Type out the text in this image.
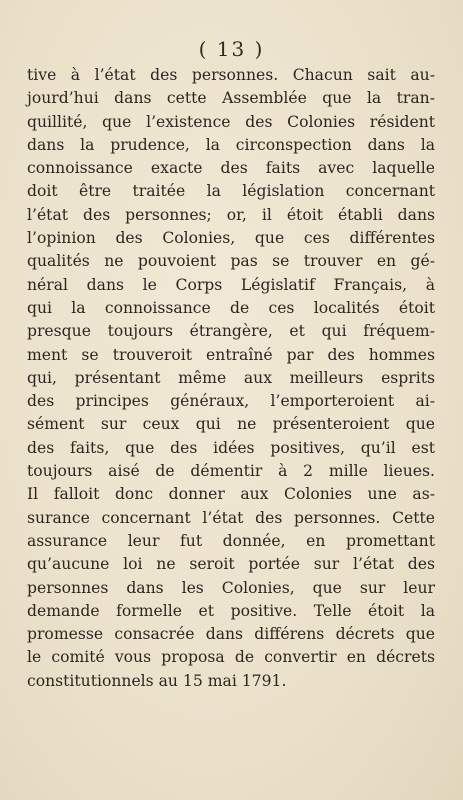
( 13 )
tive à l’état des personnes. Chacun sait au-
jourd’hui dans cette Assemblée que la tran-
quillité, que l’existence des Colonies résident
dans la prudence, la circonspection dans la
connoissance exacte des faits avec laquelle
doit être traitée la législation concernant
l’état des personnes; or, il étoit établi dans
l’opinion des Colonies, que ces différentes
qualités ne pouvoient pas se trouver en gé-
néral dans le Corps Législatif Français, à
qui la connoissance de ces localités étoit
presque toujours étrangère, et qui fréquem-
ment se trouveroit entraîné par des hommes
qui, présentant même aux meilleurs esprits
des principes généraux, l’emporteroient ai-
sément sur ceux qui ne présenteroient que
des faits, que des idées positives, qu’il est
toujours aisé de démentir à 2 mille lieues.
Il falloit donc donner aux Colonies une as-
surance concernant l’état des personnes. Cette
assurance leur fut donnée, en promettant
qu’aucune loi ne seroit portée sur l’état des
personnes dans les Colonies, que sur leur
demande formelle et positive. Telle étoit la
promesse consacrée dans différens décrets que
le comité vous proposa de convertir en décrets
constitutionnels au 15 mai 1791.
